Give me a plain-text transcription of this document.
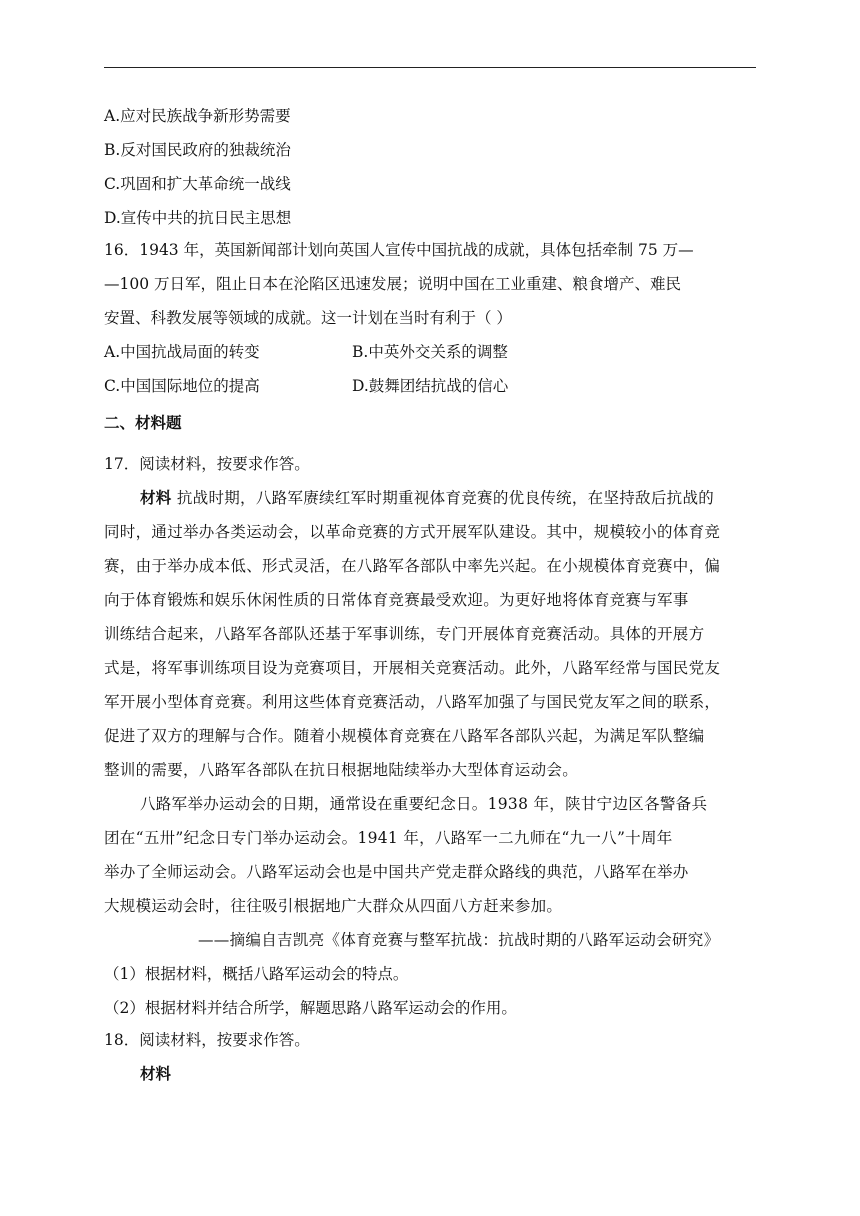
A.应对民族战争新形势需要
B.反对国民政府的独裁统治
C.巩固和扩大革命统一战线
D.宣传中共的抗日民主思想
16．1943 年，英国新闻部计划向英国人宣传中国抗战的成就，具体包括牵制 75 万—
—100 万日军，阻止日本在沦陷区迅速发展；说明中国在工业重建、粮食增产、难民
安置、科教发展等领域的成就。这一计划在当时有利于（ ）
A.中国抗战局面的转变	B.中英外交关系的调整
C.中国国际地位的提高	D.鼓舞团结抗战的信心
二、材料题
17．阅读材料，按要求作答。
材料 抗战时期，八路军赓续红军时期重视体育竞赛的优良传统，在坚持敌后抗战的
同时，通过举办各类运动会，以革命竞赛的方式开展军队建设。其中，规模较小的体育竞
赛，由于举办成本低、形式灵活，在八路军各部队中率先兴起。在小规模体育竞赛中，偏
向于体育锻炼和娱乐休闲性质的日常体育竞赛最受欢迎。为更好地将体育竞赛与军事
训练结合起来，八路军各部队还基于军事训练，专门开展体育竞赛活动。具体的开展方
式是，将军事训练项目设为竞赛项目，开展相关竞赛活动。此外，八路军经常与国民党友
军开展小型体育竞赛。利用这些体育竞赛活动，八路军加强了与国民党友军之间的联系，
促进了双方的理解与合作。随着小规模体育竞赛在八路军各部队兴起，为满足军队整编
整训的需要，八路军各部队在抗日根据地陆续举办大型体育运动会。
八路军举办运动会的日期，通常设在重要纪念日。1938 年，陕甘宁边区各警备兵
团在“五卅”纪念日专门举办运动会。1941 年，八路军一二九师在“九一八”十周年
举办了全师运动会。八路军运动会也是中国共产党走群众路线的典范，八路军在举办
大规模运动会时，往往吸引根据地广大群众从四面八方赶来参加。
——摘编自吉凯亮《体育竞赛与整军抗战：抗战时期的八路军运动会研究》
（1）根据材料，概括八路军运动会的特点。
（2）根据材料并结合所学，解题思路八路军运动会的作用。
18．阅读材料，按要求作答。
材料
